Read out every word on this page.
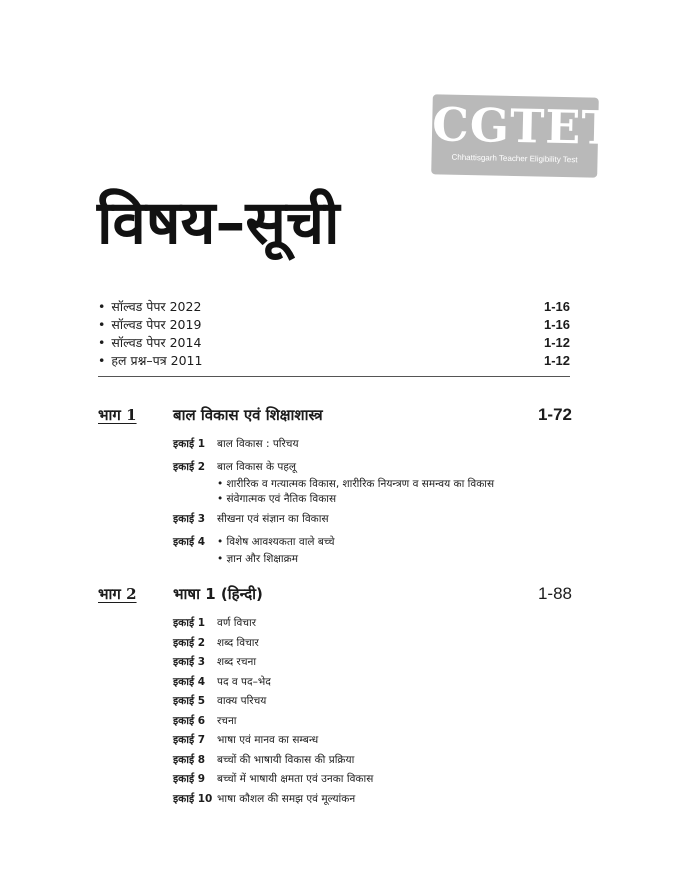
CGTET
Chhattisgarh Teacher Eligibility Test
विषय–सूची
• सॉल्वड पेपर 2022	1-16
• सॉल्वड पेपर 2019	1-16
• सॉल्वड पेपर 2014	1-12
• हल प्रश्न–पत्र 2011	1-12
भाग 1 बाल विकास एवं शिक्षाशास्त्र	1-72
इकाई 1	बाल विकास : परिचय
इकाई 2	बाल विकास के पहलू
• शारीरिक व गत्यात्मक विकास, शारीरिक नियन्त्रण व समन्वय का विकास
• संवेगात्मक एवं नैतिक विकास
इकाई 3	सीखना एवं संज्ञान का विकास
इकाई 4	• विशेष आवश्यकता वाले बच्चे
• ज्ञान और शिक्षाक्रम
भाग 2 भाषा 1 (हिन्दी)	1-88
इकाई 1	वर्ण विचार
इकाई 2	शब्द विचार
इकाई 3	शब्द रचना
इकाई 4	पद व पद–भेद
इकाई 5	वाक्य परिचय
इकाई 6	रचना
इकाई 7	भाषा एवं मानव का सम्बन्ध
इकाई 8	बच्चों की भाषायी विकास की प्रक्रिया
इकाई 9	बच्चों में भाषायी क्षमता एवं उनका विकास
इकाई 10 भाषा कौशल की समझ एवं मूल्यांकन
